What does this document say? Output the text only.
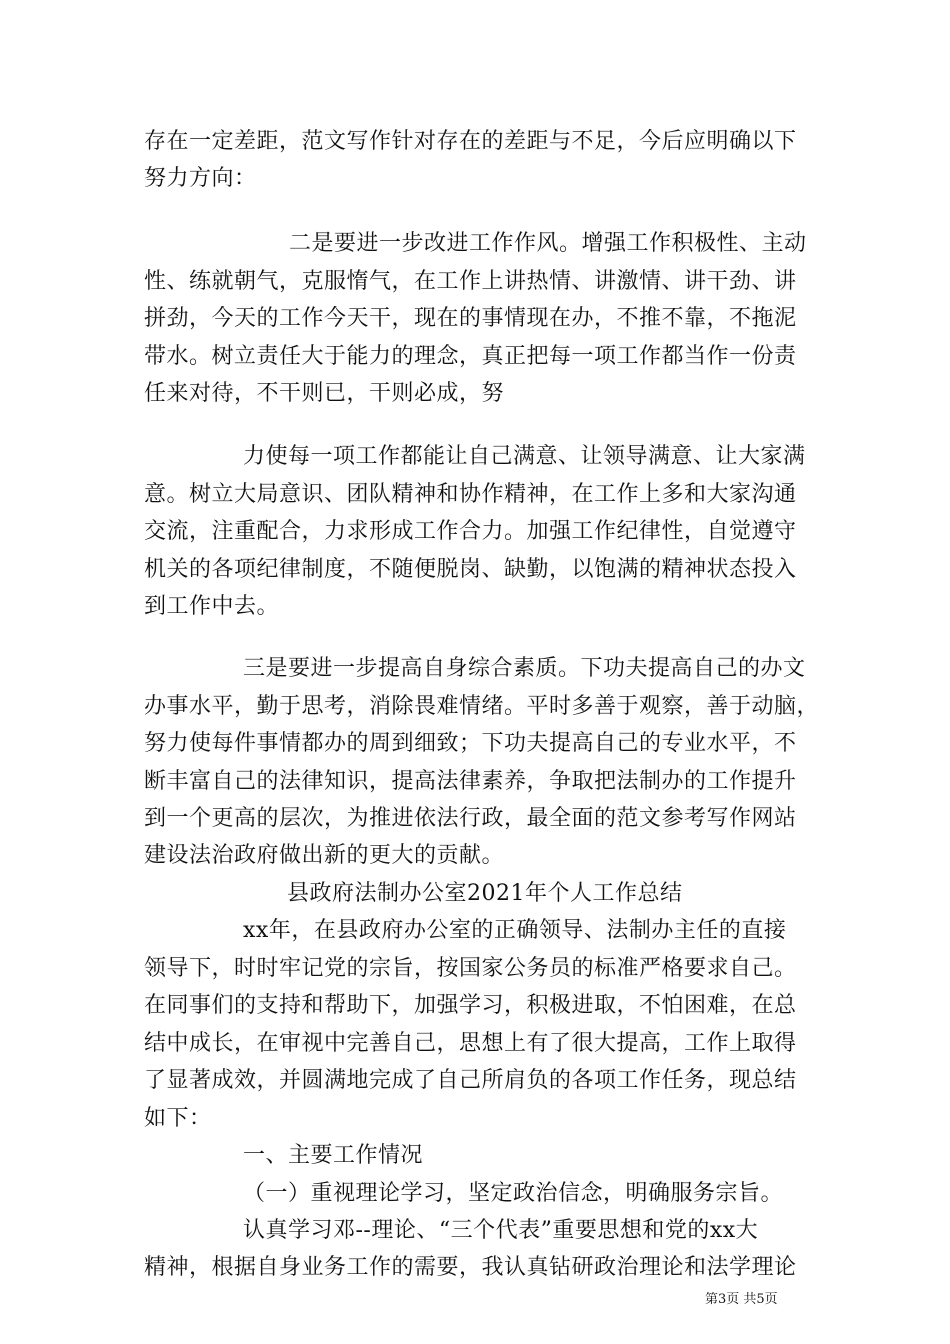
存在一定差距，范文写作针对存在的差距与不足，今后应明确以下
努力方向：
二是要进一步改进工作作风。增强工作积极性、主动
性、练就朝气，克服惰气，在工作上讲热情、讲激情、讲干劲、讲
拼劲，今天的工作今天干，现在的事情现在办，不推不靠，不拖泥
带水。树立责任大于能力的理念，真正把每一项工作都当作一份责
任来对待，不干则已，干则必成，努
力使每一项工作都能让自己满意、让领导满意、让大家满
意。树立大局意识、团队精神和协作精神，在工作上多和大家沟通
交流，注重配合，力求形成工作合力。加强工作纪律性，自觉遵守
机关的各项纪律制度，不随便脱岗、缺勤，以饱满的精神状态投入
到工作中去。
三是要进一步提高自身综合素质。下功夫提高自己的办文
办事水平，勤于思考，消除畏难情绪。平时多善于观察，善于动脑，
努力使每件事情都办的周到细致；下功夫提高自己的专业水平，不
断丰富自己的法律知识，提高法律素养，争取把法制办的工作提升
到一个更高的层次，为推进依法行政，最全面的范文参考写作网站
建设法治政府做出新的更大的贡献。
县政府法制办公室2021年个人工作总结
xx年，在县政府办公室的正确领导、法制办主任的直接
领导下，时时牢记党的宗旨，按国家公务员的标准严格要求自己。
在同事们的支持和帮助下，加强学习，积极进取，不怕困难，在总
结中成长，在审视中完善自己，思想上有了很大提高，工作上取得
了显著成效，并圆满地完成了自己所肩负的各项工作任务，现总结
如下：
一、主要工作情况
（一）重视理论学习，坚定政治信念，明确服务宗旨。
认真学习邓--理论、“三个代表”重要思想和党的xx大
精神，根据自身业务工作的需要，我认真钻研政治理论和法学理论
第3页 共5页
